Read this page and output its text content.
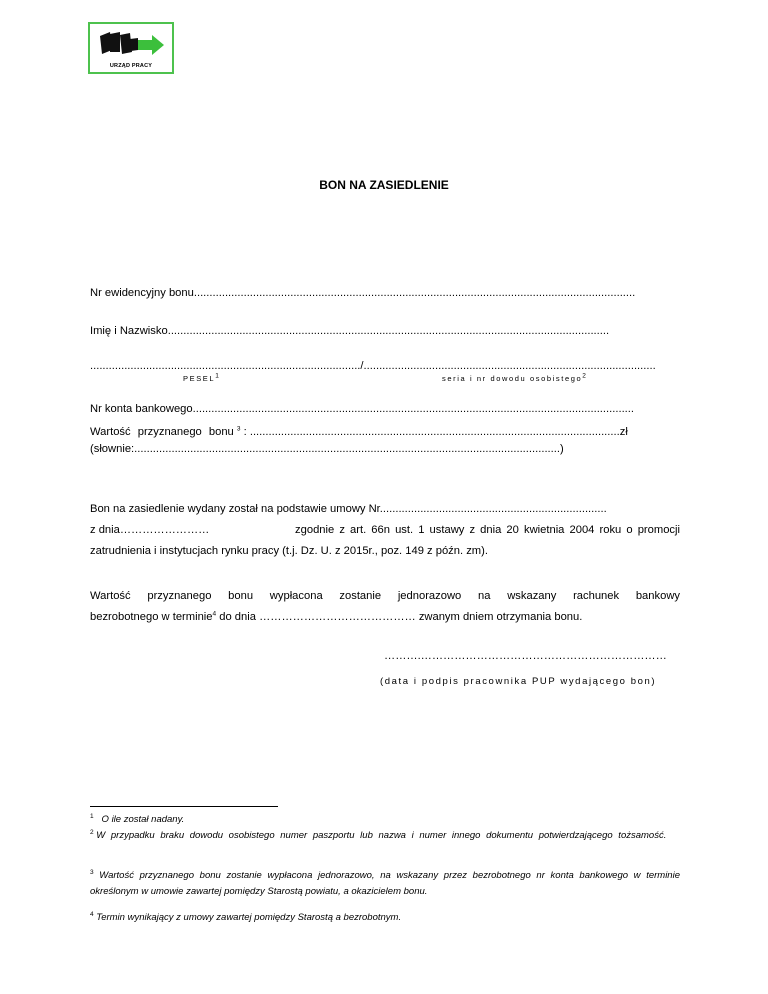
URZĄD PRACY
BON NA ZASIEDLENIE
Nr ewidencyjny bonu..............................................................................................................................................
Imię i Nazwisko..............................................................................................................................................
......................................................................................./..............................................................................................
PESEL$^1$	seria i nr dowodu osobistego$^2$
Nr konta bankowego..............................................................................................................................................
Wartość przyznanego bonu $^3$ : .......................................................................................................................zł
(słownie:.........................................................................................................................................)
Bon na zasiedlenie wydany został na podstawie umowy Nr.........................................................................
z dnia……………………	zgodnie z art. 66n ust. 1 ustawy z dnia 20 kwietnia 2004 roku o promocji
zatrudnienia i instytucjach rynku pracy (t.j. Dz. U. z 2015r., poz. 149 z późn. zm).
Wartość przyznanego bonu wypłacona zostanie jednorazowo na wskazany rachunek bankowy
bezrobotnego w terminie$^4$ do dnia …………………………………… zwanym dniem otrzymania bonu.
……….…………………………………………………………
(data i podpis pracownika PUP wydającego bon)
$^1$ O ile został nadany.
$^2$ W przypadku braku dowodu osobistego numer paszportu lub nazwa i numer innego dokumentu potwierdzającego tożsamość.
$^3$ Wartość przyznanego bonu zostanie wypłacona jednorazowo, na wskazany przez bezrobotnego nr konta bankowego w terminie określonym w umowie zawartej pomiędzy Starostą powiatu, a okazicielem bonu.
$^4$ Termin wynikający z umowy zawartej pomiędzy Starostą a bezrobotnym.
